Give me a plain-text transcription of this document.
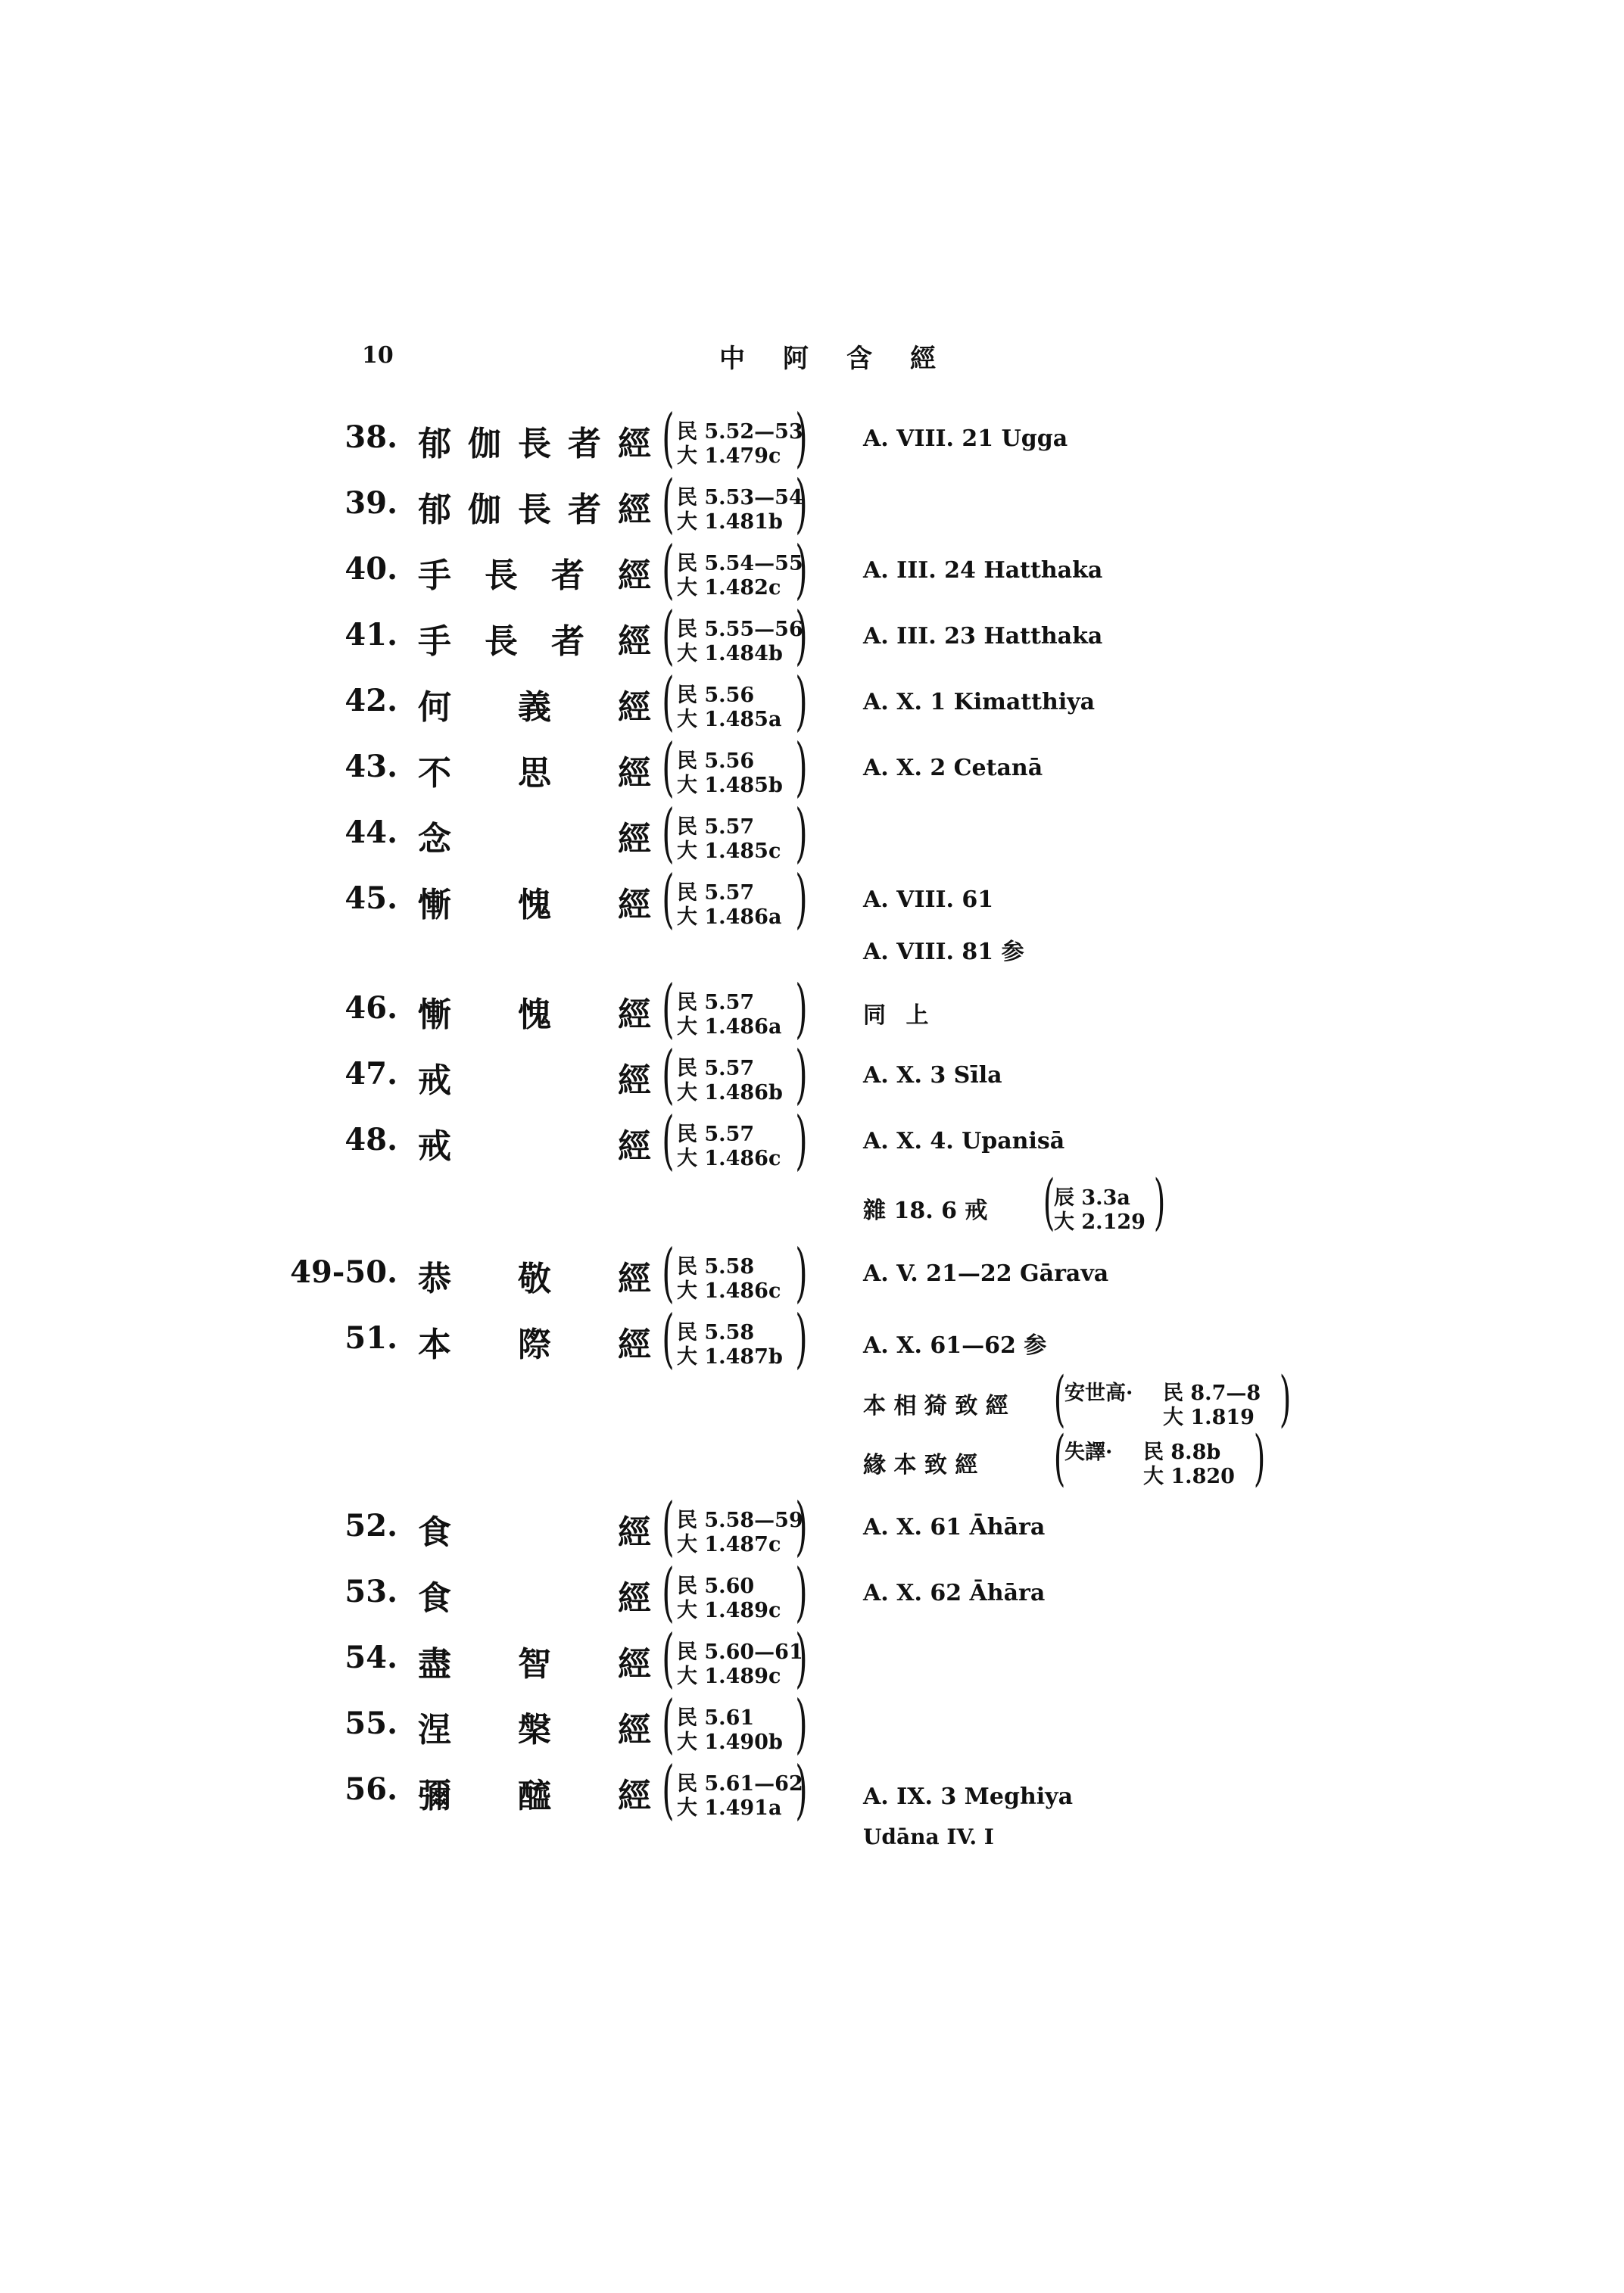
10	中阿含經
38. 郁 伽 長 者 經 ( 民 5.52—53
大 1.479c ) A. VIII. 21 Ugga
39. 郁 伽 長 者 經 ( 民 5.53—54
大 1.481b )
40. 手 長 者 經 ( 民 5.54—55
大 1.482c ) A. III. 24 Hatthaka
41. 手 長 者 經 ( 民 5.55—56
大 1.484b ) A. III. 23 Hatthaka
42. 何 義 經 ( 民 5.56
大 1.485a ) A. X. 1 Kimatthiya
43. 不 思 經 ( 民 5.56
大 1.485b ) A. X. 2 Cetanā
44. 念	經 ( 民 5.57
大 1.485c )
45. 慚 愧 經 ( 民 5.57
大 1.486a ) A. VIII. 61
A. VIII. 81 参
46. 慚 愧 經 ( 民 5.57
大 1.486a ) 同 上
47. 戒	經 ( 民 5.57
大 1.486b ) A. X. 3 Sīla
48. 戒	經 ( 民 5.57
大 1.486c ) A. X. 4. Upanisā
雜 18. 6 戒 (
辰 3.3a
大 2.129 )
49-50. 恭 敬 經 ( 民 5.58
大 1.486c ) A. V. 21—22 Gārava
51. 本 際 經 ( 民 5.58
大 1.487b ) A. X. 61—62 参
本 相 猗 致 經 (
安世高· 民 8.7—8
大 1.819 )
緣 本 致 經 (
失譯· 民 8.8b
大 1.820 )
52. 食	經 ( 民 5.58—59
大 1.487c ) A. X. 61 Āhāra
53. 食	經 ( 民 5.60
大 1.489c ) A. X. 62 Āhāra
54. 盡 智 經 ( 民 5.60—61
大 1.489c )
55. 涅 槃 經 ( 民 5.61
大 1.490b )
56. 彌 醯 經 ( 民 5.61—62
大 1.491a ) A. IX. 3 Meghiya
Udāna IV. I
